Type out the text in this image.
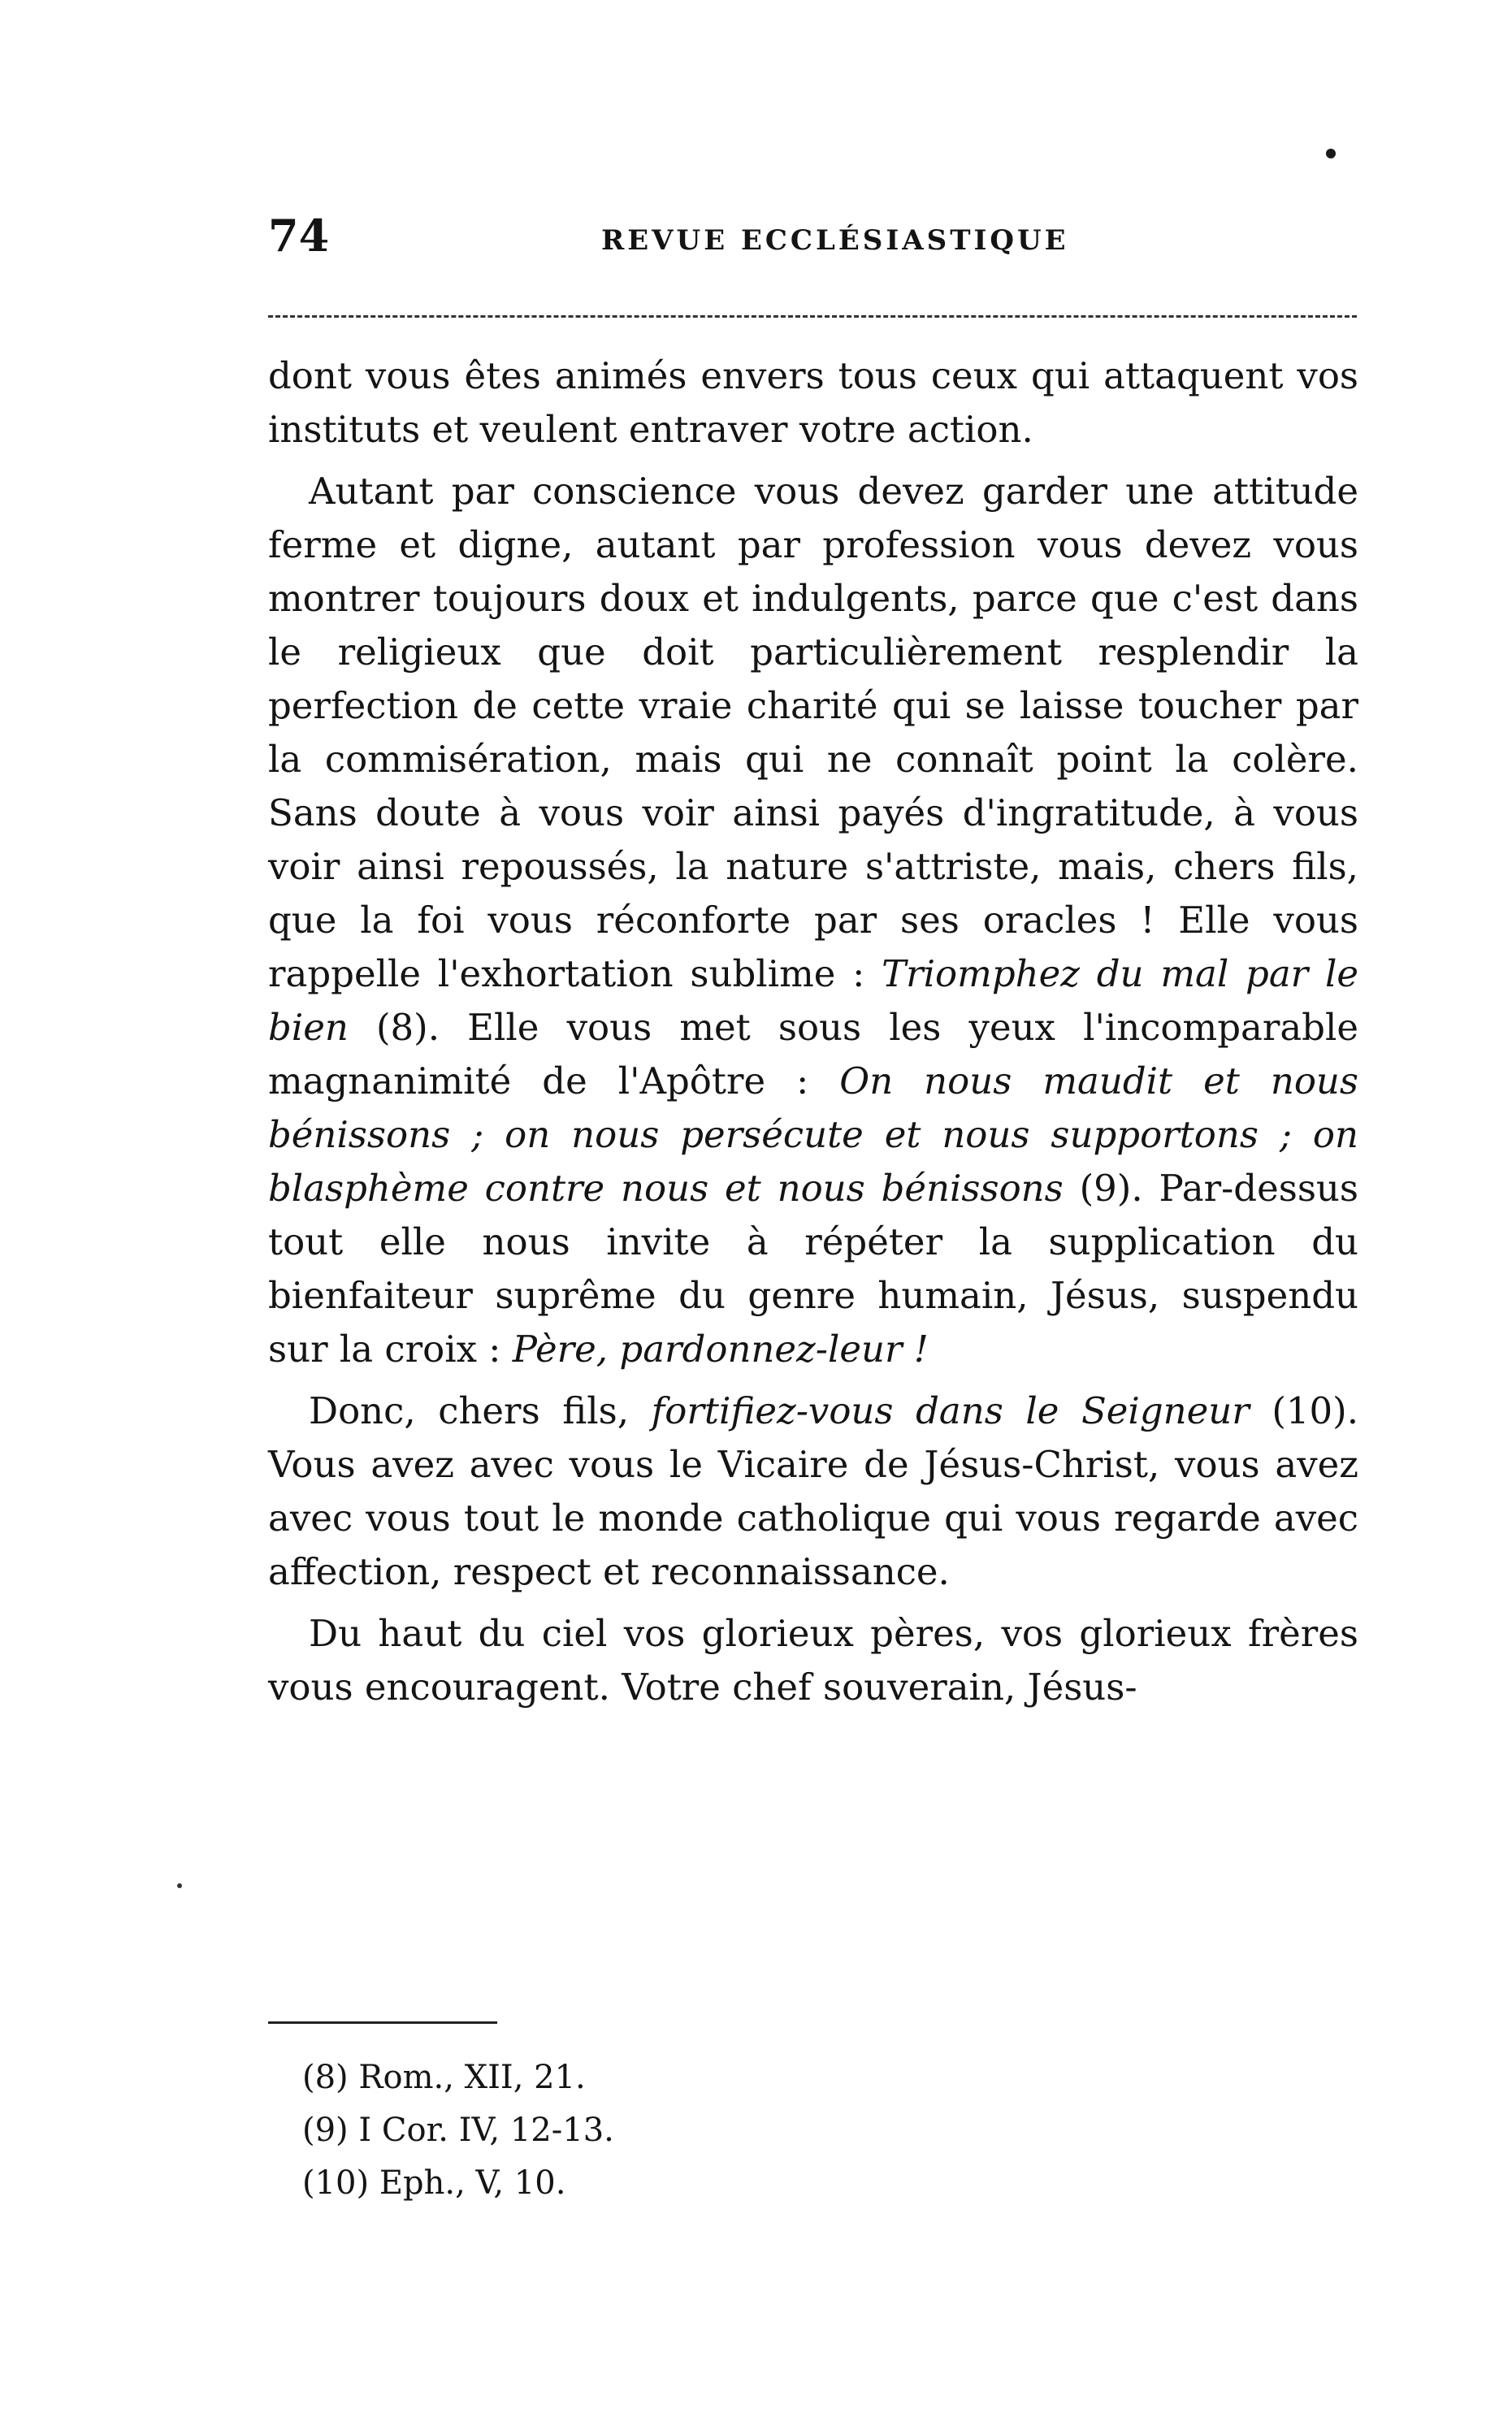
74	REVUE ECCLÉSIASTIQUE

dont vous êtes animés envers tous ceux qui attaquent vos instituts et veulent entraver votre action.

Autant par conscience vous devez garder une attitude ferme et digne, autant par profession vous devez vous montrer toujours doux et indulgents, parce que c'est dans le religieux que doit particulièrement resplendir la perfection de cette vraie charité qui se laisse toucher par la commisération, mais qui ne connaît point la colère. Sans doute à vous voir ainsi payés d'ingratitude, à vous voir ainsi repoussés, la nature s'attriste, mais, chers fils, que la foi vous réconforte par ses oracles ! Elle vous rappelle l'exhortation sublime : Triomphez du mal par le bien (8). Elle vous met sous les yeux l'incomparable magnanimité de l'Apôtre : On nous maudit et nous bénissons ; on nous persécute et nous supportons ; on blasphème contre nous et nous bénissons (9). Par-dessus tout elle nous invite à répéter la supplication du bienfaiteur suprême du genre humain, Jésus, suspendu sur la croix : Père, pardonnez-leur !

Donc, chers fils, fortifiez-vous dans le Seigneur (10). Vous avez avec vous le Vicaire de Jésus-Christ, vous avez avec vous tout le monde catholique qui vous regarde avec affection, respect et reconnaissance.

Du haut du ciel vos glorieux pères, vos glorieux frères vous encouragent. Votre chef souverain, Jésus-

(8) Rom., XII, 21.
(9) I Cor. IV, 12-13.
(10) Eph., V, 10.
